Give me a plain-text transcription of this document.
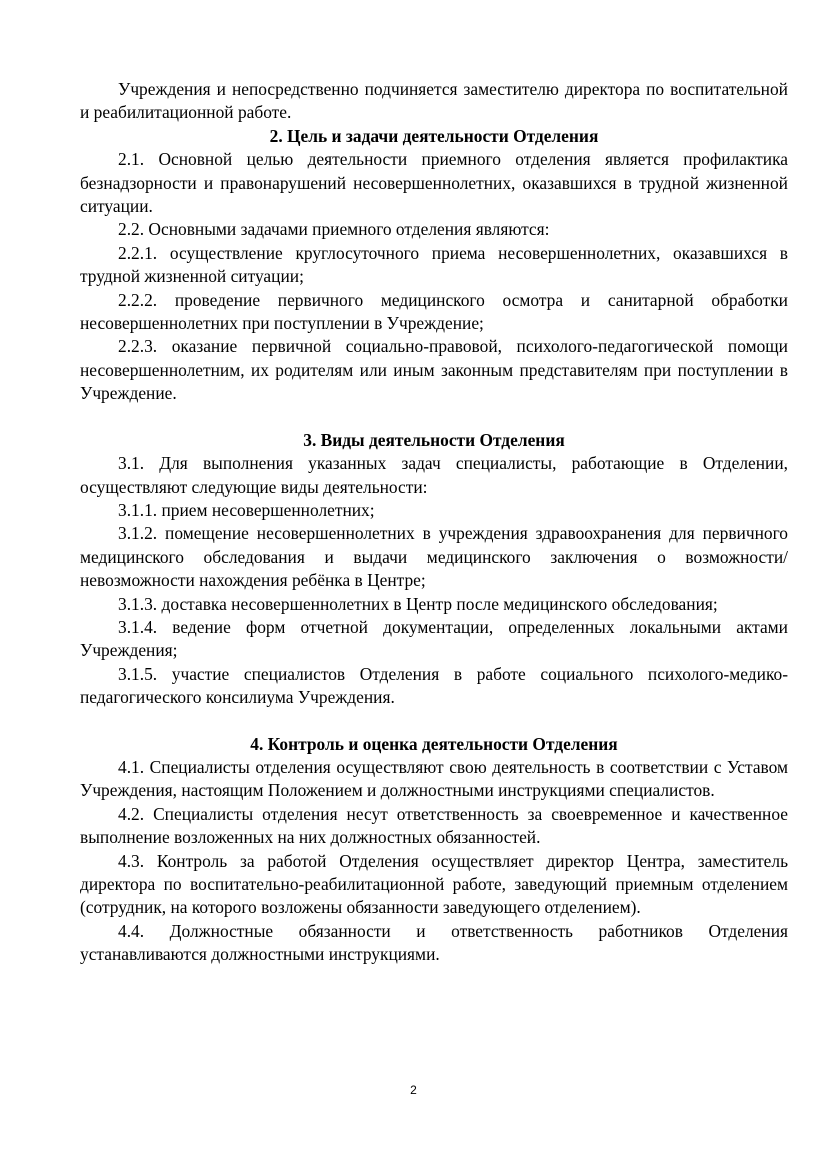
Учреждения и непосредственно подчиняется заместителю директора по воспитательной и реабилитационной работе.

2. Цель и задачи деятельности Отделения

2.1. Основной целью деятельности приемного отделения является профилактика безнадзорности и правонарушений несовершеннолетних, оказавшихся в трудной жизненной ситуации.

2.2. Основными задачами приемного отделения являются:

2.2.1. осуществление круглосуточного приема несовершеннолетних, оказавшихся в трудной жизненной ситуации;

2.2.2. проведение первичного медицинского осмотра и санитарной обработки несовершеннолетних при поступлении в Учреждение;

2.2.3. оказание первичной социально-правовой, психолого-педагогической помощи несовершеннолетним, их родителям или иным законным представителям при поступлении в Учреждение.

3. Виды деятельности Отделения

3.1. Для выполнения указанных задач специалисты, работающие в Отделении, осуществляют следующие виды деятельности:

3.1.1. прием несовершеннолетних;

3.1.2. помещение несовершеннолетних в учреждения здравоохранения для первичного медицинского обследования и выдачи медицинского заключения о возможности/невозможности нахождения ребёнка в Центре;

3.1.3. доставка несовершеннолетних в Центр после медицинского обследования;

3.1.4. ведение форм отчетной документации, определенных локальными актами Учреждения;

3.1.5. участие специалистов Отделения в работе социального психолого-медико-педагогического консилиума Учреждения.

4. Контроль и оценка деятельности Отделения

4.1. Специалисты отделения осуществляют свою деятельность в соответствии с Уставом Учреждения, настоящим Положением и должностными инструкциями специалистов.

4.2. Специалисты отделения несут ответственность за своевременное и качественное выполнение возложенных на них должностных обязанностей.

4.3. Контроль за работой Отделения осуществляет директор Центра, заместитель директора по воспитательно-реабилитационной работе, заведующий приемным отделением (сотрудник, на которого возложены обязанности заведующего отделением).

4.4. Должностные обязанности и ответственность работников Отделения устанавливаются должностными инструкциями.

2
